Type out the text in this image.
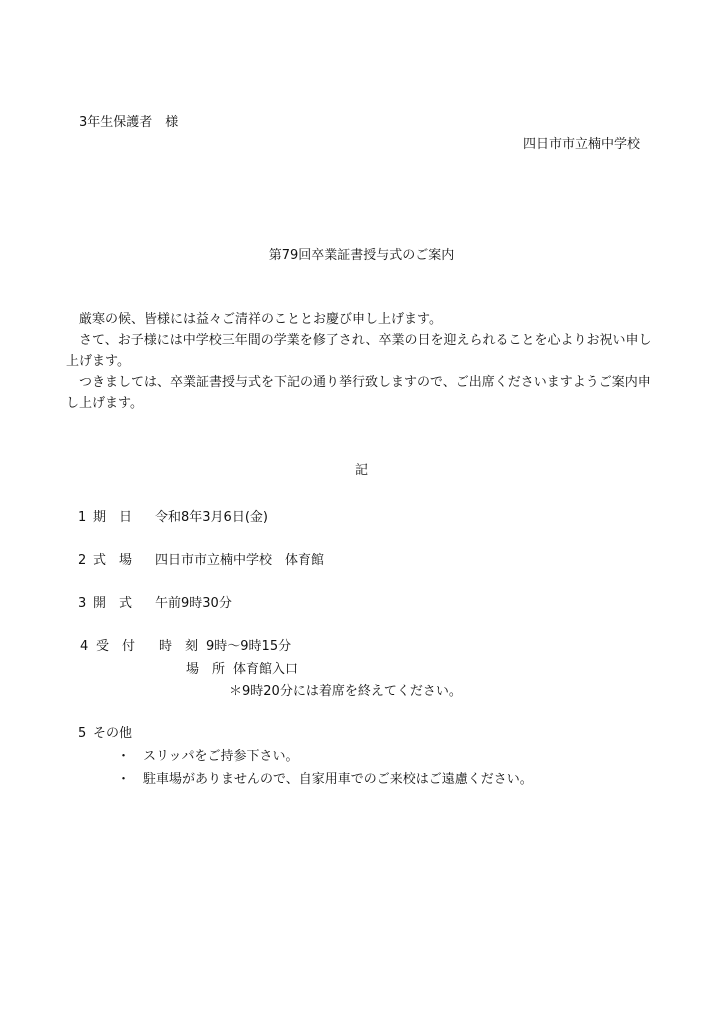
3年生保護者　様
四日市市立楠中学校
第79回卒業証書授与式のご案内
　厳寒の候、皆様には益々ご清祥のこととお慶び申し上げます。
　さて、お子様には中学校三年間の学業を修了され、卒業の日を迎えられることを心よりお祝い申し上げます。
　つきましては、卒業証書授与式を下記の通り挙行致しますので、ご出席くださいますようご案内申し上げます。
記
1 期　日 令和8年3月6日(金)
2 式　場 四日市市立楠中学校　体育館
3 開　式 午前9時30分
4 受　付 時　刻 9時～9時15分
場　所 体育館入口
＊9時20分には着席を終えてください。
5 その他
・　スリッパをご持参下さい。
・　駐車場がありませんので、自家用車でのご来校はご遠慮ください。
